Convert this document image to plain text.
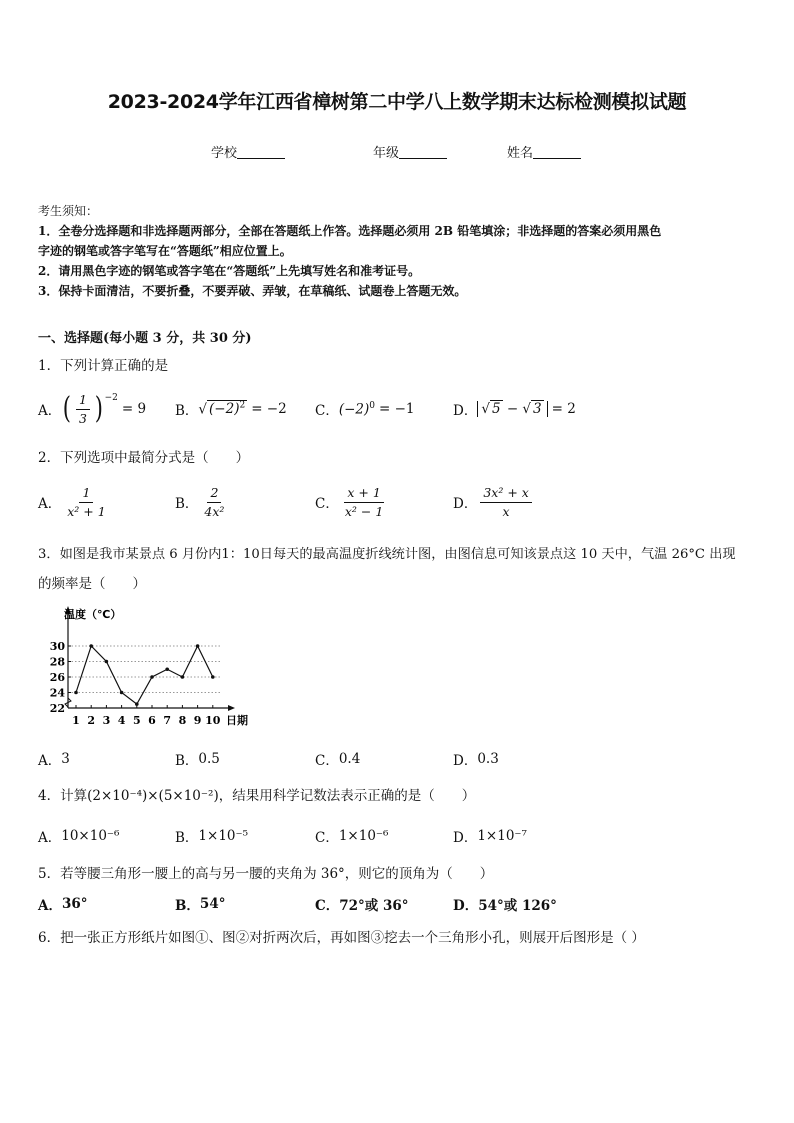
2023-2024学年江西省樟树第二中学八上数学期末达标检测模拟试题
学校	年级	姓名
考生须知：
1．全卷分选择题和非选择题两部分，全部在答题纸上作答。选择题必须用 2B 铅笔填涂；非选择题的答案必须用黑色
字迹的钢笔或答字笔写在“答题纸”相应位置上。
2．请用黑色字迹的钢笔或答字笔在“答题纸”上先填写姓名和准考证号。
3．保持卡面清洁，不要折叠，不要弄破、弄皱，在草稿纸、试题卷上答题无效。
一、选择题(每小题 3 分，共 30 分)
1．下列计算正确的是
A． ( $\frac{1}{3}$ ) −2
= 9 B． √ $(-2)^2 = -2$ C． $(-2)^0 = -1$	D． √ 5 − √ 3 = 2
2．下列选项中最简分式是（　　）
A． $\frac{1}{\text{x² + 1}}$	B． $\frac{2}{\text{4x²}}$	C． $\frac{x + 1}{\text{x² − 1}}$	D． $\frac{\text{3x² + x}}{x}$
3．如图是我市某景点 6 月份内1：10日每天的最高温度折线统计图，由图信息可知该景点这 10 天中，气温 26°C 出现
的频率是（　　）
22
24
26
28
30
1 2 3 4 5 6 7 8 9 10
温度（℃）
日期
A． 3	B． 0.5	C． 0.4	D． 0.3
4．计算(2×10⁻⁴)×(5×10⁻²)，结果用科学记数法表示正确的是（　　）
A． 10×10⁻⁶	B． 1×10⁻⁵	C． 1×10⁻⁶	D． 1×10⁻⁷
5．若等腰三角形一腰上的高与另一腰的夹角为 36°，则它的顶角为（　　）
A． 36°	B． 54°	C． 72°或 36°	D． 54°或 126°
6．把一张正方形纸片如图①、图②对折两次后，再如图③挖去一个三角形小孔，则展开后图形是（ ）
